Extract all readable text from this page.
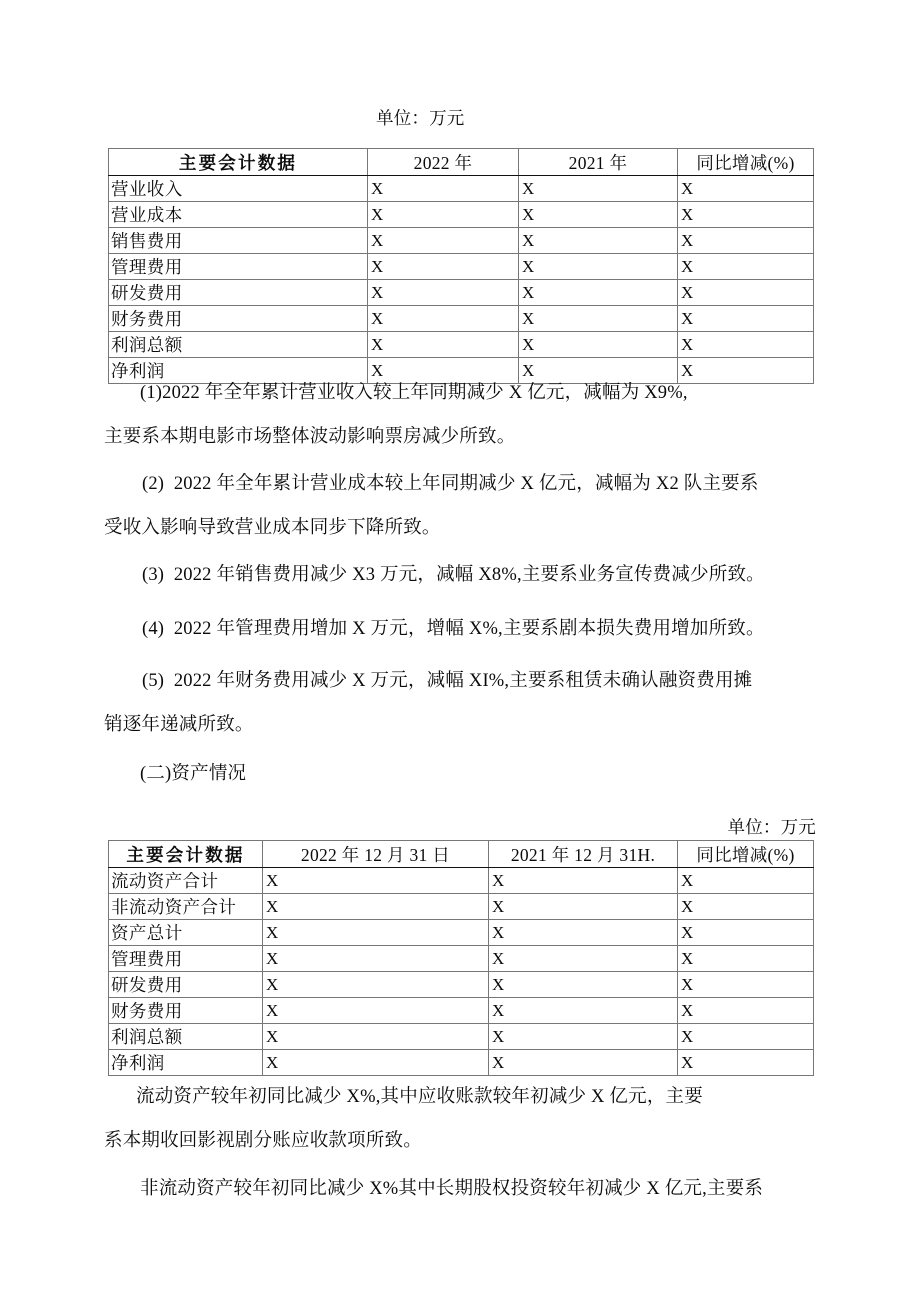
单位：万元
主要会计数据	2022 年	2021 年	同比增减(%)
营业收入	X	X	X
营业成本	X	X	X
销售费用	X	X	X
管理费用	X	X	X
研发费用	X	X	X
财务费用	X	X	X
利润总额	X	X	X
净利润	X	X	X
(1)2022 年全年累计营业收入较上年同期减少 X 亿元，减幅为 X9%,
主要系本期电影市场整体波动影响票房减少所致。
(2)  2022 年全年累计营业成本较上年同期减少 X 亿元，减幅为 X2 队主要系
受收入影响导致营业成本同步下降所致。
(3)  2022 年销售费用减少 X3 万元，减幅 X8%,主要系业务宣传费减少所致。
(4)  2022 年管理费用增加 X 万元，增幅 X%,主要系剧本损失费用增加所致。
(5)  2022 年财务费用减少 X 万元，减幅 XI%,主要系租赁未确认融资费用摊
销逐年递减所致。
(二)资产情况
单位：万元
主要会计数据	2022 年 12 月 31 日	2021 年 12 月 31H.	同比增减(%)
流动资产合计	X	X	X
非流动资产合计	X	X	X
资产总计	X	X	X
管理费用	X	X	X
研发费用	X	X	X
财务费用	X	X	X
利润总额	X	X	X
净利润	X	X	X
流动资产较年初同比减少 X%,其中应收账款较年初减少 X 亿元，主要
系本期收回影视剧分账应收款项所致。
非流动资产较年初同比减少 X%其中长期股权投资较年初减少 X 亿元,主要系
